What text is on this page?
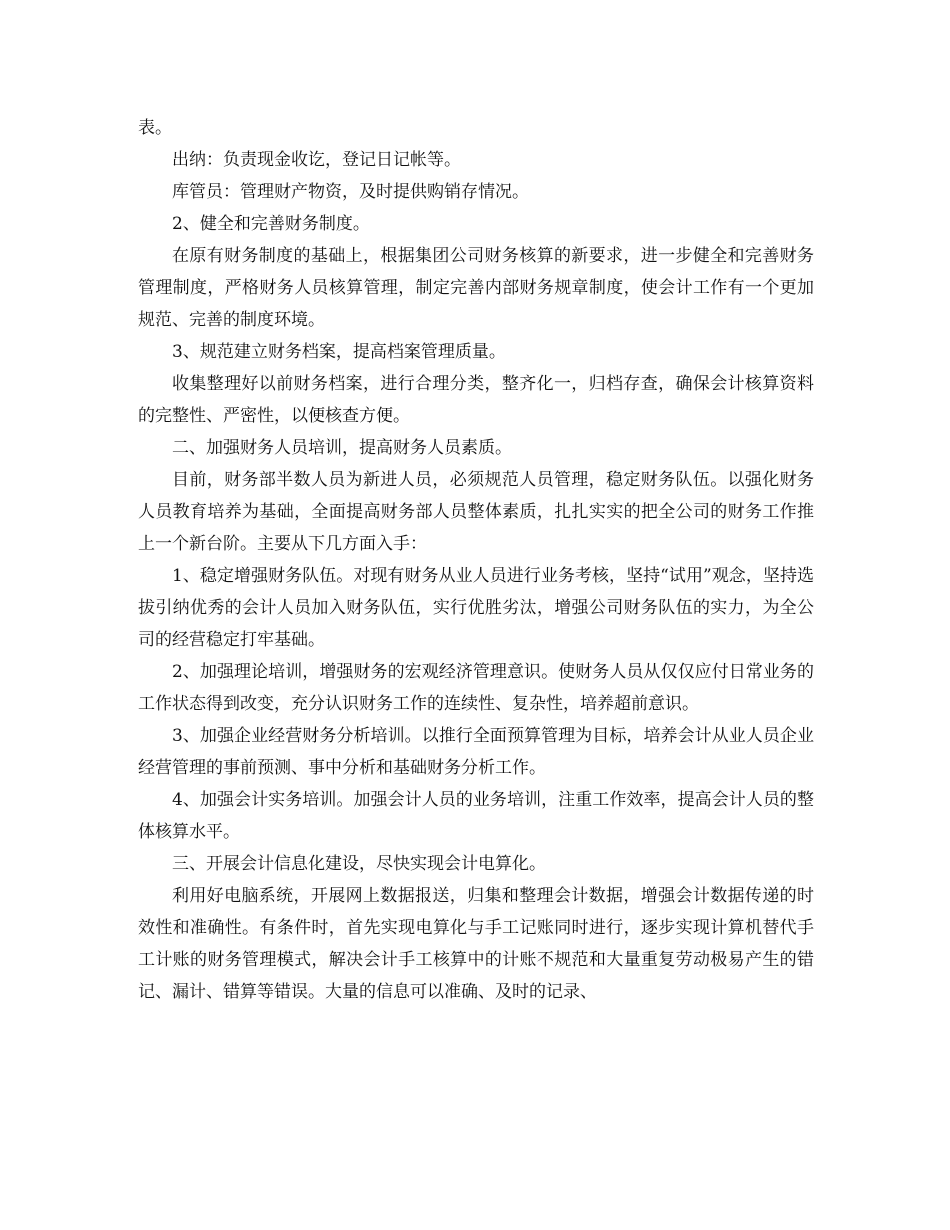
表。

出纳：负责现金收讫，登记日记帐等。

库管员：管理财产物资，及时提供购销存情况。

2、健全和完善财务制度。

在原有财务制度的基础上，根据集团公司财务核算的新要求，进一步健全和完善财务管理制度，严格财务人员核算管理，制定完善内部财务规章制度，使会计工作有一个更加规范、完善的制度环境。

3、规范建立财务档案，提高档案管理质量。

收集整理好以前财务档案，进行合理分类，整齐化一，归档存查，确保会计核算资料的完整性、严密性，以便核查方便。

二、加强财务人员培训，提高财务人员素质。

目前，财务部半数人员为新进人员，必须规范人员管理，稳定财务队伍。以强化财务人员教育培养为基础，全面提高财务部人员整体素质，扎扎实实的把全公司的财务工作推上一个新台阶。主要从下几方面入手：

1、稳定增强财务队伍。对现有财务从业人员进行业务考核，坚持“试用”观念，坚持选拔引纳优秀的会计人员加入财务队伍，实行优胜劣汰，增强公司财务队伍的实力，为全公司的经营稳定打牢基础。

2、加强理论培训，增强财务的宏观经济管理意识。使财务人员从仅仅应付日常业务的工作状态得到改变，充分认识财务工作的连续性、复杂性，培养超前意识。

3、加强企业经营财务分析培训。以推行全面预算管理为目标，培养会计从业人员企业经营管理的事前预测、事中分析和基础财务分析工作。

4、加强会计实务培训。加强会计人员的业务培训，注重工作效率，提高会计人员的整体核算水平。

三、开展会计信息化建设，尽快实现会计电算化。

利用好电脑系统，开展网上数据报送，归集和整理会计数据，增强会计数据传递的时效性和准确性。有条件时，首先实现电算化与手工记账同时进行，逐步实现计算机替代手工计账的财务管理模式，解决会计手工核算中的计账不规范和大量重复劳动极易产生的错记、漏计、错算等错误。大量的信息可以准确、及时的记录、
